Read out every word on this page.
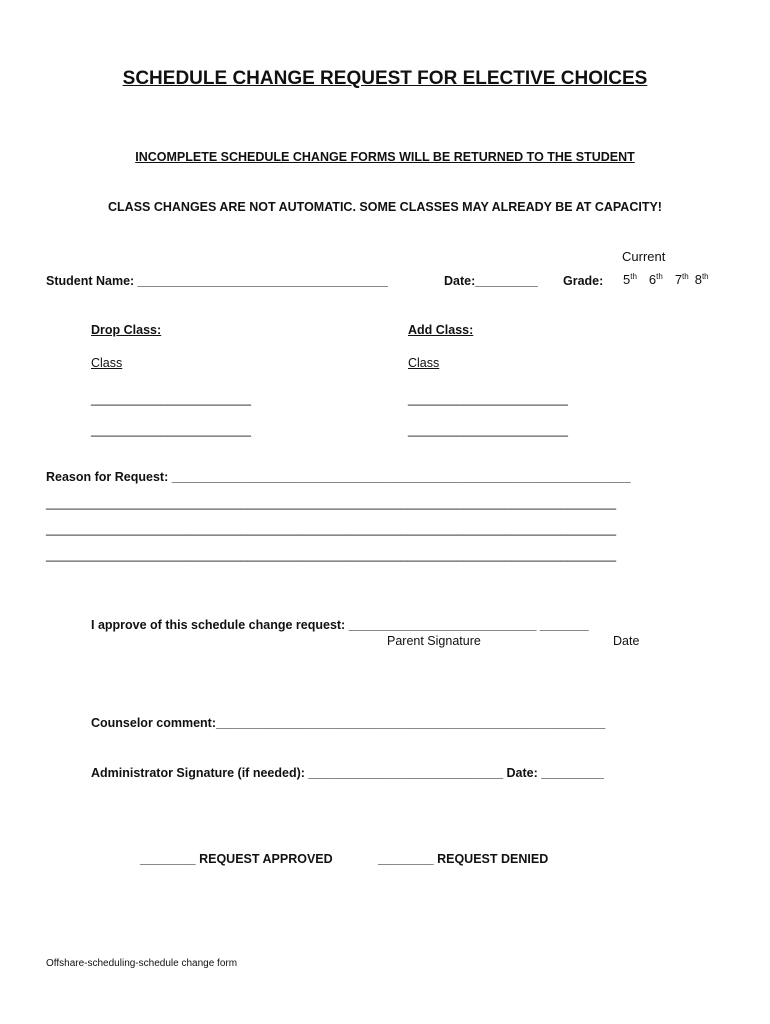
SCHEDULE CHANGE REQUEST FOR ELECTIVE CHOICES
INCOMPLETE SCHEDULE CHANGE FORMS WILL BE RETURNED TO THE STUDENT
CLASS CHANGES ARE NOT AUTOMATIC. SOME CLASSES MAY ALREADY BE AT CAPACITY!
Current
Student Name: ____________________________________	Date:_________ Grade: 5th 6th 7th 8th
Drop Class:	Add Class:
Class	Class
_______________________	_______________________
_______________________	_______________________
Reason for Request: __________________________________________________________________
__________________________________________________________________________________
__________________________________________________________________________________
__________________________________________________________________________________
I approve of this schedule change request: ___________________________ _______
Parent Signature	Date
Counselor comment:________________________________________________________
Administrator Signature (if needed): ____________________________ Date: _________
________ REQUEST APPROVED	________ REQUEST DENIED
Offshare-scheduling-schedule change form
